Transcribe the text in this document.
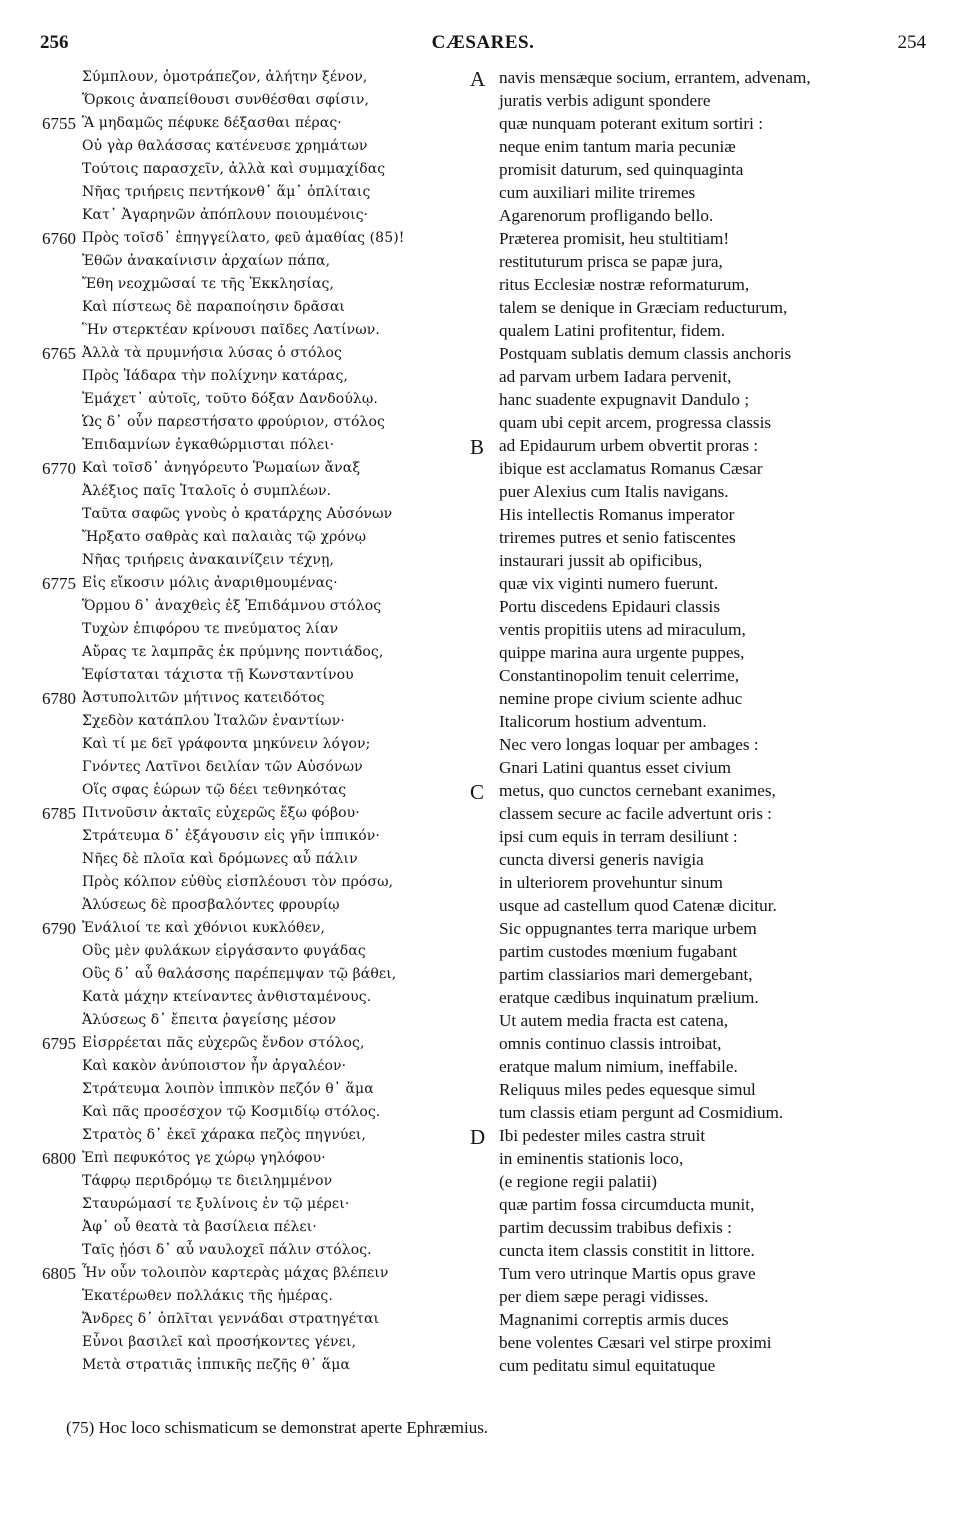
256	CÆSARES.	254
Σύμπλουν, ὁμοτράπεζον, ἀλήτην ξένον,
Ὅρκοις ἀναπείθουσι συνθέσθαι σφίσιν,
6755 Ἃ μηδαμῶς πέφυκε δέξασθαι πέρας·
Οὐ γὰρ θαλάσσας κατένευσε χρημάτων
Τούτοις παρασχεῖν, ἀλλὰ καὶ συμμαχίδας
Νῆας τριήρεις πεντήκονθ᾽ ἅμ᾽ ὁπλίταις
Κατ᾽ Ἀγαρηνῶν ἀπόπλουν ποιουμένοις·
6760 Πρὸς τοῖσδ᾽ ἐπηγγείλατο, φεῦ ἀμαθίας (85)!
Ἐθῶν ἀνακαίνισιν ἀρχαίων πάπα,
Ἔθη νεοχμῶσαί τε τῆς Ἐκκλησίας,
Καὶ πίστεως δὲ παραποίησιν δρᾶσαι
Ἣν στερκτέαν κρίνουσι παῖδες Λατίνων.
6765 Ἀλλὰ τὰ πρυμνήσια λύσας ὁ στόλος
Πρὸς Ἰάδαρα τὴν πολίχνην κατάρας,
Ἐμάχετ᾽ αὐτοῖς, τοῦτο δόξαν Δανδούλῳ.
Ὡς δ᾽ οὖν παρεστήσατο φρούριον, στόλος
Ἐπιδαμνίων ἐγκαθώρμισται πόλει·
6770 Καὶ τοῖσδ᾽ ἀνηγόρευτο Ῥωμαίων ἄναξ
Ἀλέξιος παῖς Ἰταλοῖς ὁ συμπλέων.
Ταῦτα σαφῶς γνοὺς ὁ κρατάρχης Αὐσόνων
Ἤρξατο σαθρὰς καὶ παλαιὰς τῷ χρόνῳ
Νῆας τριήρεις ἀνακαινίζειν τέχνῃ,
6775 Εἰς εἴκοσιν μόλις ἀναριθμουμένας·
Ὅρμου δ᾽ ἀναχθεὶς ἐξ Ἐπιδάμνου στόλος
Τυχὼν ἐπιφόρου τε πνεύματος λίαν
Αὔρας τε λαμπρᾶς ἐκ πρύμνης ποντιάδος,
Ἐφίσταται τάχιστα τῇ Κωνσταντίνου
6780 Ἀστυπολιτῶν μήτινος κατειδότος
Σχεδὸν κατάπλου Ἰταλῶν ἐναντίων·
Καὶ τί με δεῖ γράφοντα μηκύνειν λόγον;
Γνόντες Λατῖνοι δειλίαν τῶν Αὐσόνων
Οἵς σφας ἑώρων τῷ δέει τεθνηκότας
6785 Πιτνοῦσιν ἀκταῖς εὐχερῶς ἔξω φόβου·
Στράτευμα δ᾽ ἐξάγουσιν εἰς γῆν ἱππικόν·
Νῆες δὲ πλοῖα καὶ δρόμωνες αὖ πάλιν
Πρὸς κόλπον εὐθὺς εἰσπλέουσι τὸν πρόσω,
Ἁλύσεως δὲ προσβαλόντες φρουρίῳ
6790 Ἐνάλιοί τε καὶ χθόνιοι κυκλόθεν,
Οὓς μὲν φυλάκων εἰργάσαντο φυγάδας
Οὓς δ᾽ αὖ θαλάσσης παρέπεμψαν τῷ βάθει,
Κατὰ μάχην κτείναντες ἀνθισταμένους.
Ἁλύσεως δ᾽ ἔπειτα ῥαγείσης μέσον
6795 Εἰσρρέεται πᾶς εὐχερῶς ἔνδον στόλος,
Καὶ κακὸν ἀνύποιστον ἦν ἀργαλέον·
Στράτευμα λοιπὸν ἱππικὸν πεζόν θ᾽ ἅμα
Καὶ πᾶς προσέσχον τῷ Κοσμιδίῳ στόλος.
Στρατὸς δ᾽ ἐκεῖ χάρακα πεζὸς πηγνύει,
6800 Ἐπὶ πεφυκότος γε χώρῳ γηλόφου·
Τάφρῳ περιδρόμῳ τε διειλημμένον
Σταυρώμασί τε ξυλίνοις ἐν τῷ μέρει·
Ἀφ᾽ οὗ θεατὰ τὰ βασίλεια πέλει·
Ταῖς ᾐόσι δ᾽ αὖ ναυλοχεῖ πάλιν στόλος.
6805 Ἦν οὖν τολοιπὸν καρτερὰς μάχας βλέπειν
Ἑκατέρωθεν πολλάκις τῆς ἡμέρας.
Ἄνδρες δ᾽ ὁπλῖται γεννάδαι στρατηγέται
Εὖνοι βασιλεῖ καὶ προσήκοντες γένει,
Μετὰ στρατιᾶς ἱππικῆς πεζῆς θ᾽ ἅμα
A navis mensæque socium, errantem, advenam,
juratis verbis adigunt spondere
quæ nunquam poterant exitum sortiri :
neque enim tantum maria pecuniæ
promisit daturum, sed quinquaginta
cum auxiliari milite triremes
Agarenorum profligando bello.
Præterea promisit, heu stultitiam!
restituturum prisca se papæ jura,
ritus Ecclesiæ nostræ reformaturum,
talem se denique in Græciam reducturum,
qualem Latini profitentur, fidem.
Postquam sublatis demum classis anchoris
ad parvam urbem Iadara pervenit,
hanc suadente expugnavit Dandulo ;
quam ubi cepit arcem, progressa classis
B ad Epidaurum urbem obvertit proras :
ibique est acclamatus Romanus Cæsar
puer Alexius cum Italis navigans.
His intellectis Romanus imperator
triremes putres et senio fatiscentes
instaurari jussit ab opificibus,
quæ vix viginti numero fuerunt.
Portu discedens Epidauri classis
ventis propitiis utens ad miraculum,
quippe marina aura urgente puppes,
Constantinopolim tenuit celerrime,
nemine prope civium sciente adhuc
Italicorum hostium adventum.
Nec vero longas loquar per ambages :
Gnari Latini quantus esset civium
C metus, quo cunctos cernebant exanimes,
classem secure ac facile advertunt oris :
ipsi cum equis in terram desiliunt :
cuncta diversi generis navigia
in ulteriorem provehuntur sinum
usque ad castellum quod Catenæ dicitur.
Sic oppugnantes terra marique urbem
partim custodes mœnium fugabant
partim classiarios mari demergebant,
eratque cædibus inquinatum prælium.
Ut autem media fracta est catena,
omnis continuo classis introibat,
eratque malum nimium, ineffabile.
Reliquus miles pedes equesque simul
tum classis etiam pergunt ad Cosmidium.
D Ibi pedester miles castra struit
in eminentis stationis loco,
(e regione regii palatii)
quæ partim fossa circumducta munit,
partim decussim trabibus defixis :
cuncta item classis constitit in littore.
Tum vero utrinque Martis opus grave
per diem sæpe peragi vidisses.
Magnanimi correptis armis duces
bene volentes Cæsari vel stirpe proximi
cum peditatu simul equitatuque
(75) Hoc loco schismaticum se demonstrat aperte Ephræmius.
